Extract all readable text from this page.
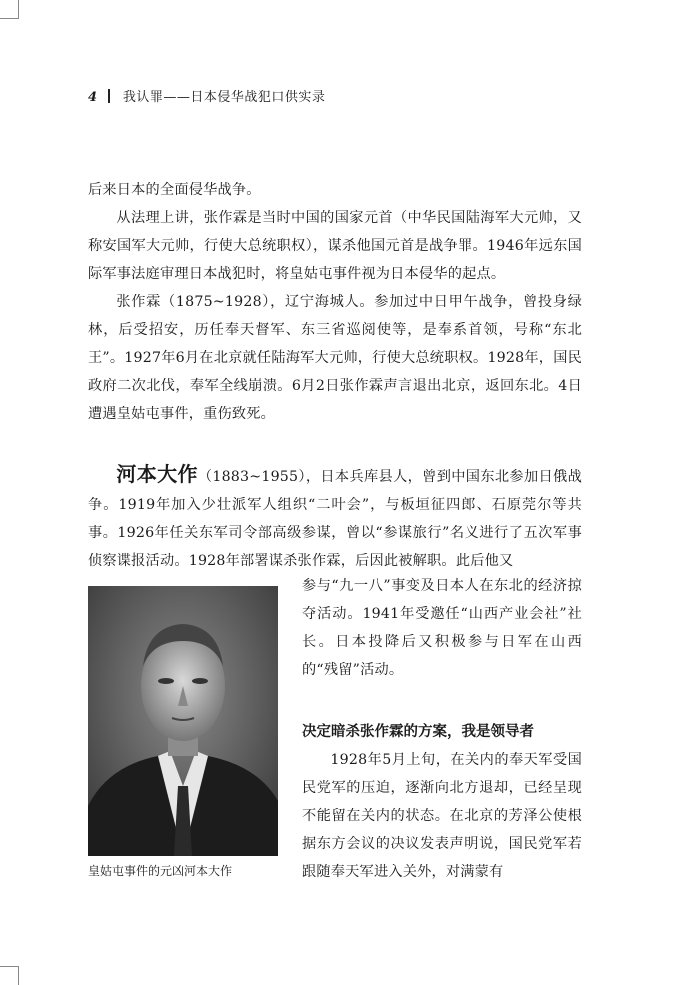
4 我认罪——日本侵华战犯口供实录

后来日本的全面侵华战争。

从法理上讲，张作霖是当时中国的国家元首（中华民国陆海军大元帅，又称安国军大元帅，行使大总统职权），谋杀他国元首是战争罪。1946年远东国际军事法庭审理日本战犯时，将皇姑屯事件视为日本侵华的起点。

张作霖（1875~1928），辽宁海城人。参加过中日甲午战争，曾投身绿林，后受招安，历任奉天督军、东三省巡阅使等，是奉系首领，号称“东北王”。1927年6月在北京就任陆海军大元帅，行使大总统职权。1928年，国民政府二次北伐，奉军全线崩溃。6月2日张作霖声言退出北京，返回东北。4日遭遇皇姑屯事件，重伤致死。

河本大作（1883~1955），日本兵库县人，曾到中国东北参加日俄战争。1919年加入少壮派军人组织“二叶会”，与板垣征四郎、石原莞尔等共事。1926年任关东军司令部高级参谋，曾以“参谋旅行”名义进行了五次军事侦察谍报活动。1928年部署谋杀张作霖，后因此被解职。此后他又

参与“九一八”事变及日本人在东北的经济掠夺活动。1941年受邀任“山西产业会社”社长。日本投降后又积极参与日军在山西的“残留”活动。

皇姑屯事件的元凶河本大作
决定暗杀张作霖的方案，我是领导者

1928年5月上旬，在关内的奉天军受国民党军的压迫，逐渐向北方退却，已经呈现不能留在关内的状态。在北京的芳泽公使根据东方会议的决议发表声明说，国民党军若跟随奉天军进入关外，对满蒙有
